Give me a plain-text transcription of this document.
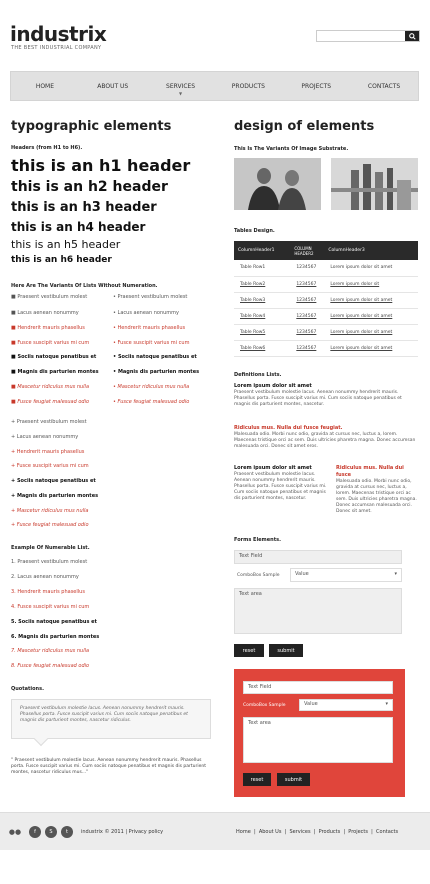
industrix
THE BEST INDUSTRIAL COMPANY
HOME	ABOUT US	SERVICES
▼
PRODUCTS	PROJECTS	CONTACTS
typographic elements
Headers (from H1 to H6).
this is an h1 header
this is an h2 header
this is an h3 header
this is an h4 header
this is an h5 header
this is an h6 header
Here Are The Variants Of Lists Without Numeration.
■ Praesent vestibulum molest
■ Lacus aenean nonummy
■ Hendrerit mauris phasellus
■ Fusce suscipit varius mi cum
■ Sociis natoque penatibus et
■ Magnis dis parturien montes
■ Mascetur ridiculus mus nulla
■ Fusce feugiat malesuad odio
• Praesent vestibulum molest
• Lacus aenean nonummy
• Hendrerit mauris phasellus
• Fusce suscipit varius mi cum
• Sociis natoque penatibus et
• Magnis dis parturien montes
• Mascetur ridiculus mus nulla
• Fusce feugiat malesuad odio
+ Praesent vestibulum molest
+ Lacus aenean nonummy
+ Hendrerit mauris phasellus
+ Fusce suscipit varius mi cum
+ Sociis natoque penatibus et
+ Magnis dis parturien montes
+ Mascetur ridiculus mus nulla
+ Fusce feugiat malesuad odio
Example Of Numerable List.
1. Praesent vestibulum molest
2. Lacus aenean nonummy
3. Hendrerit mauris phasellus
4. Fusce suscipit varius mi cum
5. Sociis natoque penatibus et
6. Magnis dis parturien montes
7. Mascetur ridiculus mus nulla
8. Fusce feugiat malesuad odio
Quotations.

Praesent vestibulum molestie lacus. Aenean nonummy hendrerit mauris. Phasellus porta. Fusce suscipit varius mi. Cum sociis natoque penatibus et magnis dis parturient montes, nascetur ridiculus.

" Praesent vestibulum molestie lacus. Aenean nonummy hendrerit mauris. Phasellus porta. Fusce suscipit varius mi. Cum sociis natoque penatibus et magnis dis parturient montes, nascetur ridiculus mus..."
design of elements
This Is The Variants Of Image Substrate.
Tables Design.
ColumnHeader1	COLUMN HEADER2	ColumnHeader3
Table Row1	1234567	Lorem ipsum dolor sit amet
Table Row2	1234567	Lorem ipsum dolor sit
Table Row3	1234567	Lorem ipsum dolor sit amet
Table Row4	1234567	Lorem ipsum dolor sit amet
Table Row5	1234567	Lorem ipsum dolor sit amet
Table Row6	1234567	Lorem ipsum dolor sit amet
Definitions Lists.
Lorem ipsum dolor sit amet
Praesent vestibulum molestie lacus. Aenean nonummy hendrerit mauris. Phasellus porta. Fusce suscipit varius mi. Cum sociis natoque penatibus et magnis dis parturient montes, nascetur.
Ridiculus mus. Nulla dui fusce feugiat.
Malesuada odio. Morbi nunc odio, gravida at cursus nec, luctus a, lorem. Maecenas tristique orci ac sem. Duis ultricies pharetra magna. Donec accumsan malesuada orci. Donec sit amet eros.
Lorem ipsum dolor sit amet
Praesent vestibulum molestie lacus. Aenean nonummy hendrerit mauris. Phasellus porta. Fusce suscipit varius mi. Cum sociis natoque penatibus et magnis dis parturient montes, nascetur.
Ridiculus mus. Nulla dui fusce
Malesuada odio. Morbi nunc odio, gravida at cursus nec, luctus a, lorem. Maecenas tristique orci ac sem. Duis ultricies pharetra magna. Donec accumsan malesuada orci. Donec sit amet.
Forms Elements.
Text Field
ComboBox Sample	Value	▾
Text area
reset	submit
Text Field
ComboBox Sample	Value	▾
Text area
reset	submit
●●	f	S	t	industrix © 2011 | Privacy policy	Home  |  About Us  |  Services  |  Products  |  Projects  |  Contacts
